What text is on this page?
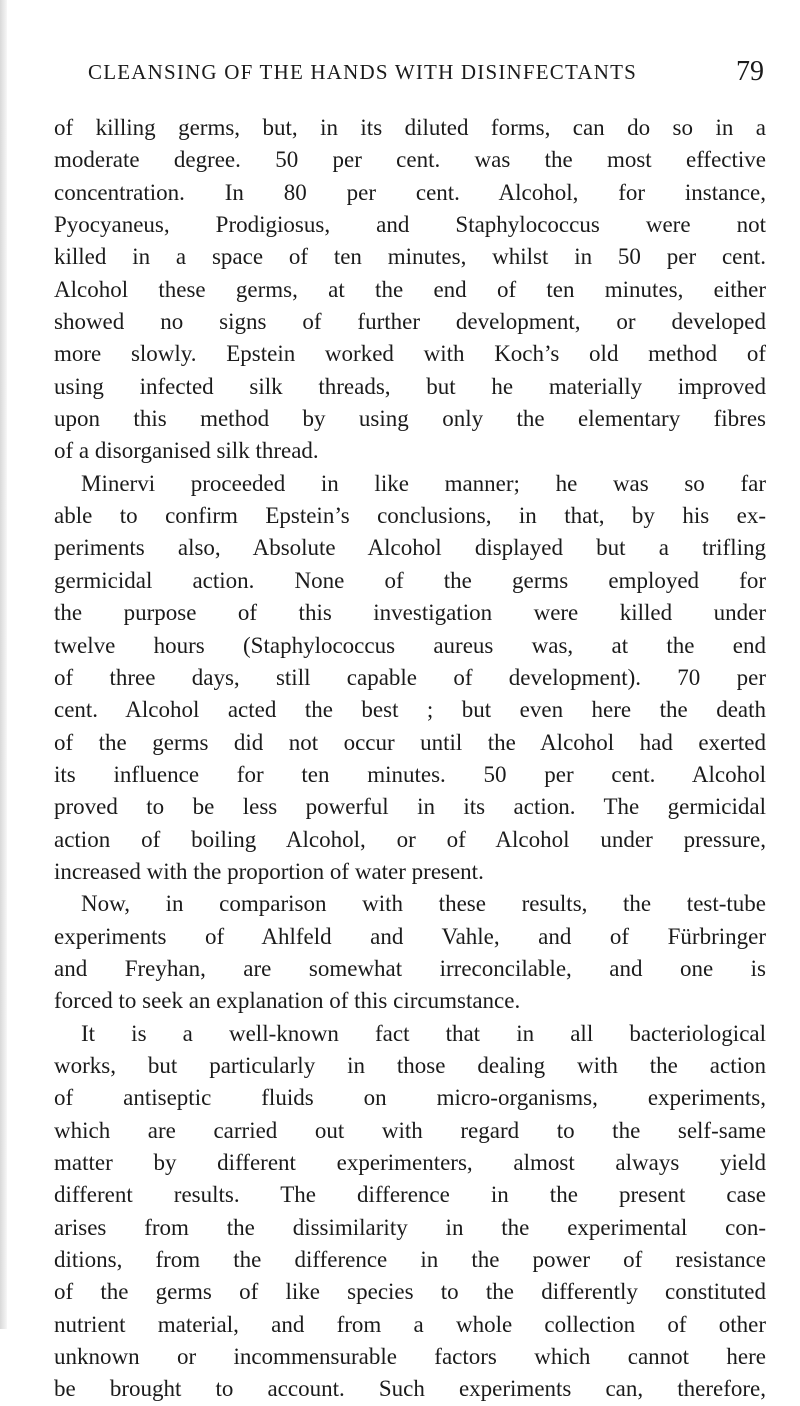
CLEANSING OF THE HANDS WITH DISINFECTANTS	79
of killing germs, but, in its diluted forms, can do so in a
moderate degree. 50 per cent. was the most effective
concentration. In 80 per cent. Alcohol, for instance,
Pyocyaneus, Prodigiosus, and Staphylococcus were not
killed in a space of ten minutes, whilst in 50 per cent.
Alcohol these germs, at the end of ten minutes, either
showed no signs of further development, or developed
more slowly. Epstein worked with Koch’s old method of
using infected silk threads, but he materially improved
upon this method by using only the elementary fibres
of a disorganised silk thread.
Minervi proceeded in like manner; he was so far
able to confirm Epstein’s conclusions, in that, by his ex-
periments also, Absolute Alcohol displayed but a trifling
germicidal action. None of the germs employed for
the purpose of this investigation were killed under
twelve hours (Staphylococcus aureus was, at the end
of three days, still capable of development). 70 per
cent. Alcohol acted the best ; but even here the death
of the germs did not occur until the Alcohol had exerted
its influence for ten minutes. 50 per cent. Alcohol
proved to be less powerful in its action. The germicidal
action of boiling Alcohol, or of Alcohol under pressure,
increased with the proportion of water present.
Now, in comparison with these results, the test-tube
experiments of Ahlfeld and Vahle, and of Fürbringer
and Freyhan, are somewhat irreconcilable, and one is
forced to seek an explanation of this circumstance.
It is a well-known fact that in all bacteriological
works, but particularly in those dealing with the action
of antiseptic fluids on micro-organisms, experiments,
which are carried out with regard to the self-same
matter by different experimenters, almost always yield
different results. The difference in the present case
arises from the dissimilarity in the experimental con-
ditions, from the difference in the power of resistance
of the germs of like species to the differently constituted
nutrient material, and from a whole collection of other
unknown or incommensurable factors which cannot here
be brought to account. Such experiments can, therefore,
